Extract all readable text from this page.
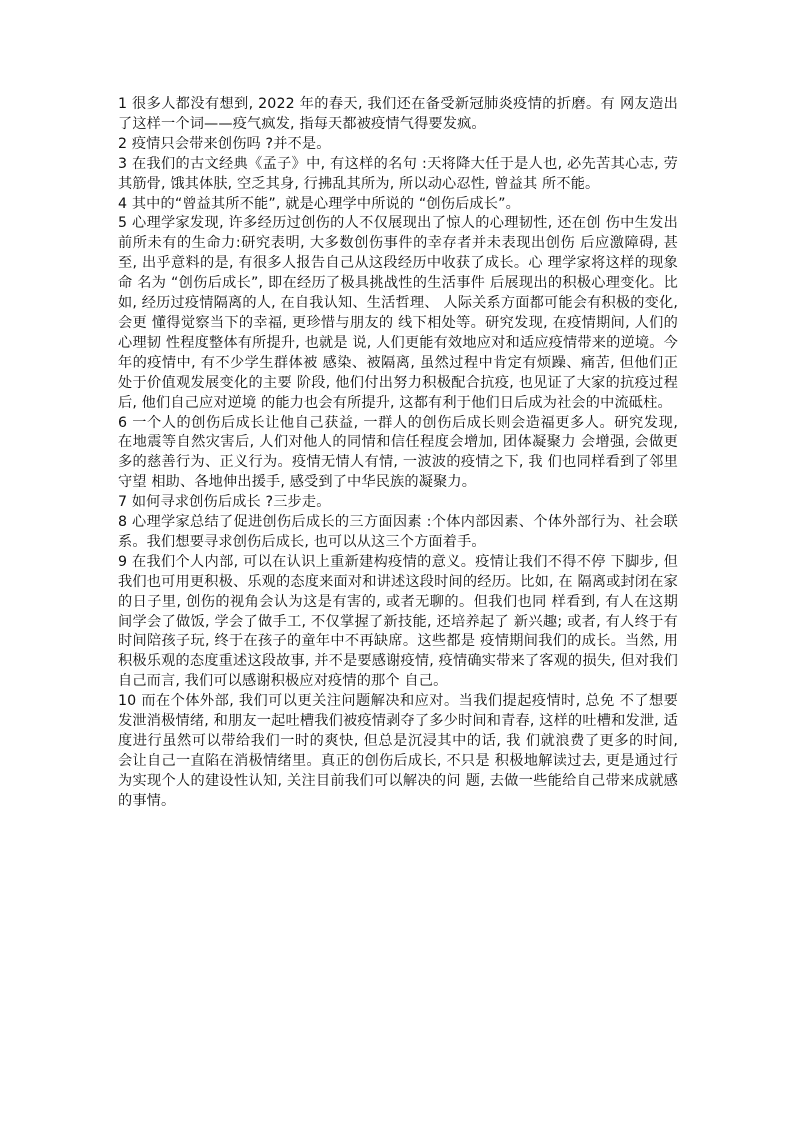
1 很多人都没有想到, 2022 年的春天, 我们还在备受新冠肺炎疫情的折磨。有 网友造出了这样一个词——疫气疯发, 指每天都被疫情气得要发疯。

2 疫情只会带来创伤吗 ?并不是。

3 在我们的古文经典《孟子》中, 有这样的名句 :天将降大任于是人也, 必先苦其心志, 劳其筋骨, 饿其体肤, 空乏其身, 行拂乱其所为, 所以动心忍性, 曾益其 所不能。

4 其中的“曾益其所不能”, 就是心理学中所说的 “创伤后成长”。

5 心理学家发现, 许多经历过创伤的人不仅展现出了惊人的心理韧性, 还在创 伤中生发出前所未有的生命力:研究表明, 大多数创伤事件的幸存者并未表现出创伤 后应激障碍, 甚至, 出乎意料的是, 有很多人报告自己从这段经历中收获了成长。心 理学家将这样的现象命 名为 “创伤后成长”, 即在经历了极具挑战性的生活事件 后展现出的积极心理变化。比如, 经历过疫情隔离的人, 在自我认知、生活哲理、 人际关系方面都可能会有积极的变化, 会更 懂得觉察当下的幸福, 更珍惜与朋友的 线下相处等。研究发现, 在疫情期间, 人们的心理韧 性程度整体有所提升, 也就是 说, 人们更能有效地应对和适应疫情带来的逆境。今年的疫情中, 有不少学生群体被 感染、被隔离, 虽然过程中肯定有烦躁、痛苦, 但他们正处于价值观发展变化的主要 阶段, 他们付出努力积极配合抗疫, 也见证了大家的抗疫过程后, 他们自己应对逆境 的能力也会有所提升, 这都有利于他们日后成为社会的中流砥柱。

6 一个人的创伤后成长让他自己获益, 一群人的创伤后成长则会造福更多人。研究发现, 在地震等自然灾害后, 人们对他人的同情和信任程度会增加, 团体凝聚力 会增强, 会做更多的慈善行为、正义行为。疫情无情人有情, 一波波的疫情之下, 我 们也同样看到了邻里守望 相助、各地伸出援手, 感受到了中华民族的凝聚力。

7 如何寻求创伤后成长 ?三步走。

8 心理学家总结了促进创伤后成长的三方面因素 :个体内部因素、个体外部行为、社会联系。我们想要寻求创伤后成长, 也可以从这三个方面着手。

9 在我们个人内部, 可以在认识上重新建构疫情的意义。疫情让我们不得不停 下脚步, 但我们也可用更积极、乐观的态度来面对和讲述这段时间的经历。比如, 在 隔离或封闭在家的日子里, 创伤的视角会认为这是有害的, 或者无聊的。但我们也同 样看到, 有人在这期间学会了做饭, 学会了做手工, 不仅掌握了新技能, 还培养起了 新兴趣; 或者, 有人终于有时间陪孩子玩, 终于在孩子的童年中不再缺席。这些都是 疫情期间我们的成长。当然, 用积极乐观的态度重述这段故事, 并不是要感谢疫情, 疫情确实带来了客观的损失, 但对我们自己而言, 我们可以感谢积极应对疫情的那个 自己。

10 而在个体外部, 我们可以更关注问题解决和应对。当我们提起疫情时, 总免 不了想要 发泄消极情绪, 和朋友一起吐槽我们被疫情剥夺了多少时间和青春, 这样的吐槽和发泄, 适 度进行虽然可以带给我们一时的爽快, 但总是沉浸其中的话, 我 们就浪费了更多的时间, 会让自己一直陷在消极情绪里。真正的创伤后成长, 不只是 积极地解读过去, 更是通过行为实现个人的建设性认知, 关注目前我们可以解决的问 题, 去做一些能给自己带来成就感的事情。
